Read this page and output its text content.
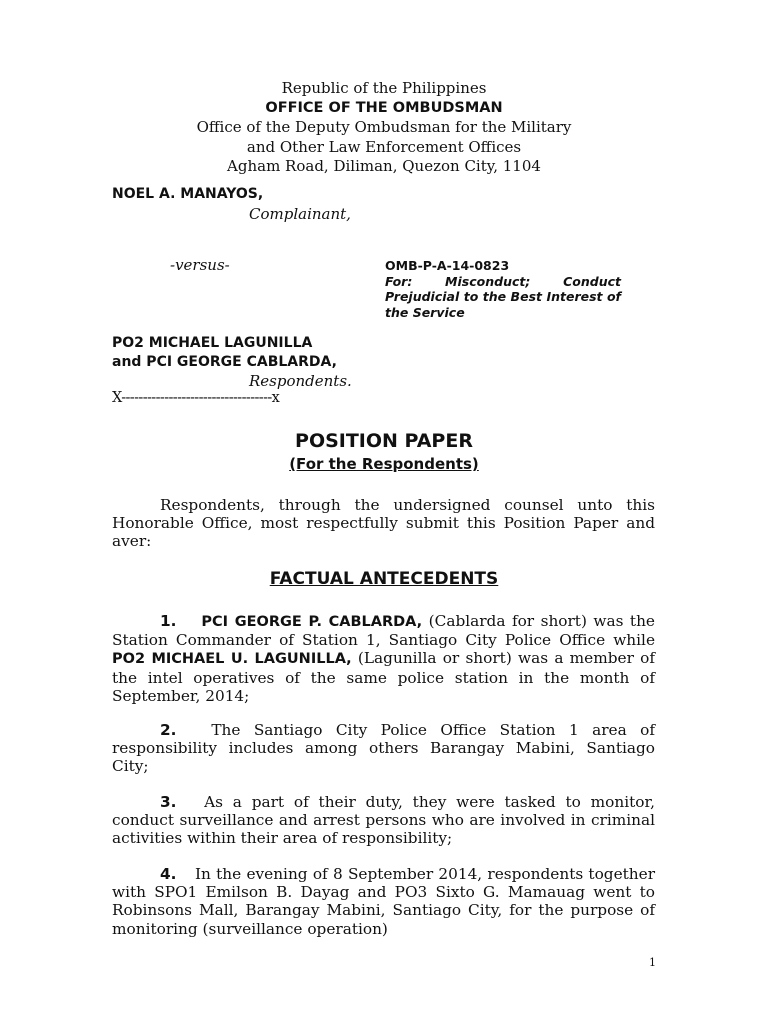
Republic of the Philippines
OFFICE OF THE OMBUDSMAN
Office of the Deputy Ombudsman for the Military
and Other Law Enforcement Offices
Agham Road, Diliman, Quezon City, 1104
NOEL A. MANAYOS,
Complainant,
-versus-	OMB-P-A-14-0823
For: Misconduct; Conduct Prejudicial to the Best Interest of the Service
PO2 MICHAEL LAGUNILLA
and PCI GEORGE CABLARDA,
Respondents.
X-----------------------------------x
POSITION PAPER
(For the Respondents)
Respondents, through the undersigned counsel unto this Honorable Office, most respectfully submit this Position Paper and aver:
FACTUAL ANTECEDENTS
1. PCI GEORGE P. CABLARDA, (Cablarda for short) was the Station Commander of Station 1, Santiago City Police Office while PO2 MICHAEL U. LAGUNILLA, (Lagunilla or short) was a member of the intel operatives of the same police station in the month of September, 2014;
2. The Santiago City Police Office Station 1 area of responsibility includes among others Barangay Mabini, Santiago City;
3. As a part of their duty, they were tasked to monitor, conduct surveillance and arrest persons who are involved in criminal activities within their area of responsibility;
4. In the evening of 8 September 2014, respondents together with SPO1 Emilson B. Dayag and PO3 Sixto G. Mamauag went to Robinsons Mall, Barangay Mabini, Santiago City, for the purpose of monitoring (surveillance operation)
1
